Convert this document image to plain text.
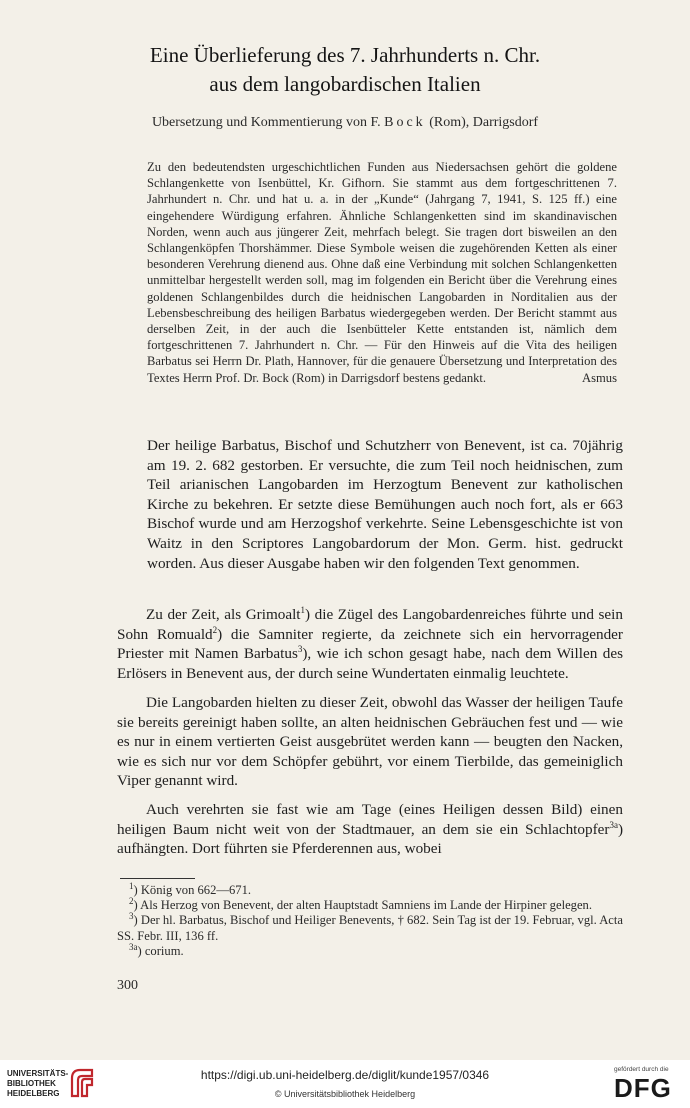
Eine Überlieferung des 7. Jahrhunderts n. Chr.
aus dem langobardischen Italien
Ubersetzung und Kommentierung von F. Bock (Rom), Darrigsdorf

Zu den bedeutendsten urgeschichtlichen Funden aus Niedersachsen gehört die goldene Schlangenkette von Isenbüttel, Kr. Gifhorn. Sie stammt aus dem fortgeschrittenen 7. Jahrhundert n. Chr. und hat u. a. in der „Kunde“ (Jahrgang 7, 1941, S. 125 ff.) eine eingehendere Würdigung erfahren. Ähnliche Schlangenketten sind im skandinavischen Norden, wenn auch aus jüngerer Zeit, mehrfach belegt. Sie tragen dort bisweilen an den Schlangenköpfen Thorshämmer. Diese Symbole weisen die zugehörenden Ketten als einer besonderen Verehrung dienend aus. Ohne daß eine Verbindung mit solchen Schlangenketten unmittelbar hergestellt werden soll, mag im folgenden ein Bericht über die Verehrung eines goldenen Schlangenbildes durch die heidnischen Langobarden in Norditalien aus der Lebensbeschreibung des heiligen Barbatus wiedergegeben werden. Der Bericht stammt aus derselben Zeit, in der auch die Isenbütteler Kette entstanden ist, nämlich dem fortgeschrittenen 7. Jahrhundert n. Chr. — Für den Hinweis auf die Vita des heiligen Barbatus sei Herrn Dr. Plath, Hannover, für die genauere Übersetzung und Interpretation des Textes Herrn Prof. Dr. Bock (Rom) in Darrigsdorf bestens gedankt.	Asmus

Der heilige Barbatus, Bischof und Schutzherr von Benevent, ist ca. 70jährig am 19. 2. 682 gestorben. Er versuchte, die zum Teil noch heidnischen, zum Teil arianischen Langobarden im Herzogtum Benevent zur katholischen Kirche zu bekehren. Er setzte diese Bemühungen auch noch fort, als er 663 Bischof wurde und am Herzogshof verkehrte. Seine Lebensgeschichte ist von Waitz in den Scriptores Langobardorum der Mon. Germ. hist. gedruckt worden. Aus dieser Ausgabe haben wir den folgenden Text genommen.

Zu der Zeit, als Grimoalt$^1$) die Zügel des Langobardenreiches führte und sein Sohn Romuald$^2$) die Samniter regierte, da zeichnete sich ein hervorragender Priester mit Namen Barbatus$^3$), wie ich schon gesagt habe, nach dem Willen des Erlösers in Benevent aus, der durch seine Wundertaten einmalig leuchtete.

Die Langobarden hielten zu dieser Zeit, obwohl das Wasser der heiligen Taufe sie bereits gereinigt haben sollte, an alten heidnischen Gebräuchen fest und — wie es nur in einem vertierten Geist ausgebrütet werden kann — beugten den Nacken, wie es sich nur vor dem Schöpfer gebührt, vor einem Tierbilde, das gemeiniglich Viper genannt wird.

Auch verehrten sie fast wie am Tage (eines Heiligen dessen Bild) einen heiligen Baum nicht weit von der Stadtmauer, an dem sie ein Schlachtopfer$^{3a}$) aufhängten. Dort führten sie Pferderennen aus, wobei

$^1$) König von 662—671.

$^2$) Als Herzog von Benevent, der alten Hauptstadt Samniens im Lande der Hirpiner gelegen.

$^3$) Der hl. Barbatus, Bischof und Heiliger Benevents, † 682. Sein Tag ist der 19. Februar, vgl. Acta SS. Febr. III, 136 ff.

$^{3a}$) corium.

300
UNIVERSITÄTS-
BIBLIOTHEK
HEIDELBERG
https://digi.ub.uni-heidelberg.de/diglit/kunde1957/0346
© Universitätsbibliothek Heidelberg
gefördert durch die
DFG
